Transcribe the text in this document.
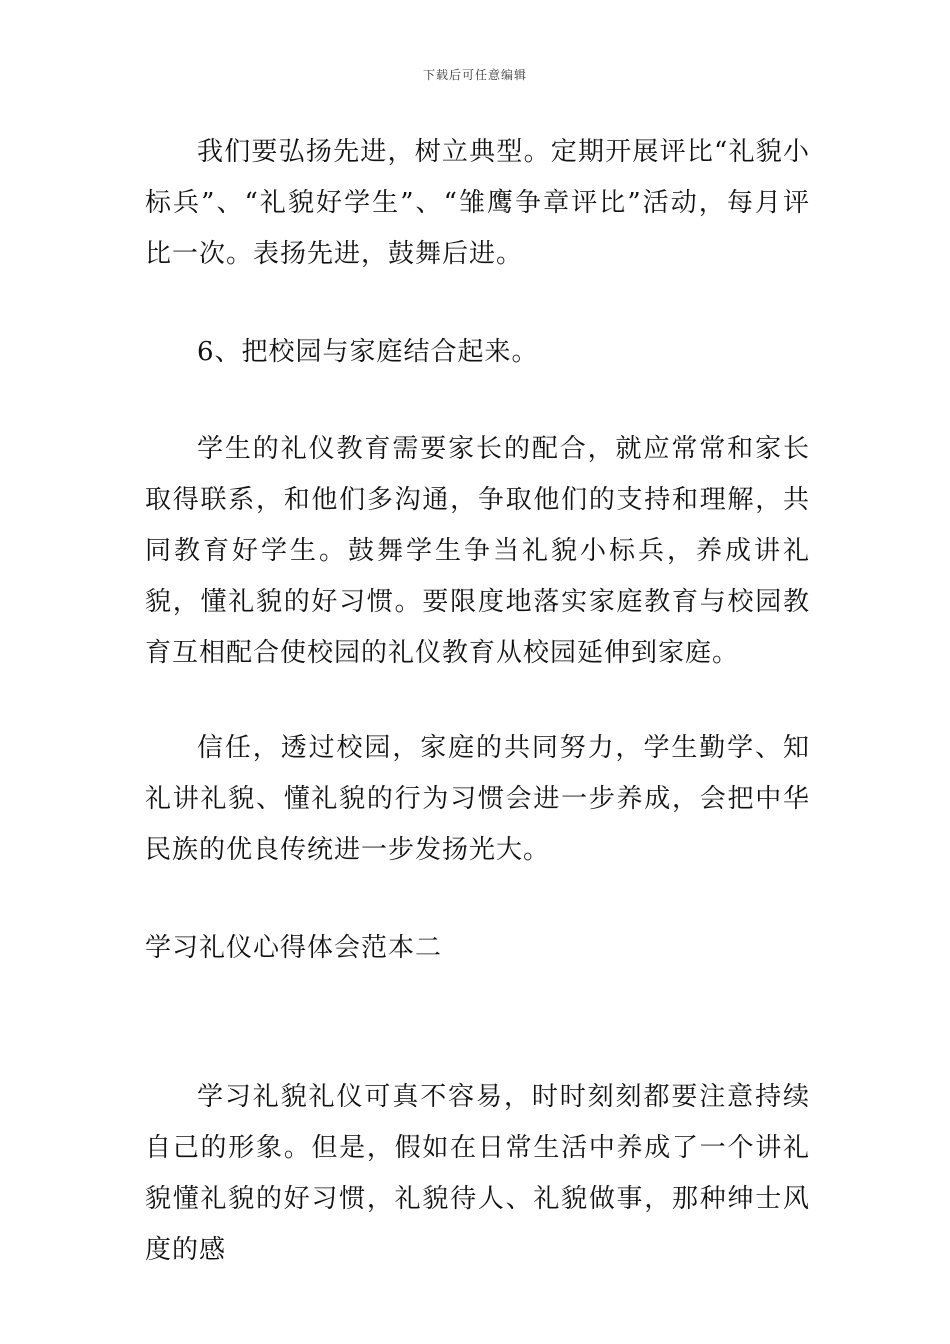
下载后可任意编辑

我们要弘扬先进，树立典型。定期开展评比“礼貌小标兵”、“礼貌好学生”、“雏鹰争章评比”活动，每月评比一次。表扬先进，鼓舞后进。

6、把校园与家庭结合起来。

学生的礼仪教育需要家长的配合，就应常常和家长取得联系，和他们多沟通，争取他们的支持和理解，共同教育好学生。鼓舞学生争当礼貌小标兵，养成讲礼貌，懂礼貌的好习惯。要限度地落实家庭教育与校园教育互相配合使校园的礼仪教育从校园延伸到家庭。

信任，透过校园，家庭的共同努力，学生勤学、知礼讲礼貌、懂礼貌的行为习惯会进一步养成，会把中华民族的优良传统进一步发扬光大。

学习礼仪心得体会范本二

学习礼貌礼仪可真不容易，时时刻刻都要注意持续自己的形象。但是，假如在日常生活中养成了一个讲礼貌懂礼貌的好习惯，礼貌待人、礼貌做事，那种绅士风度的感
